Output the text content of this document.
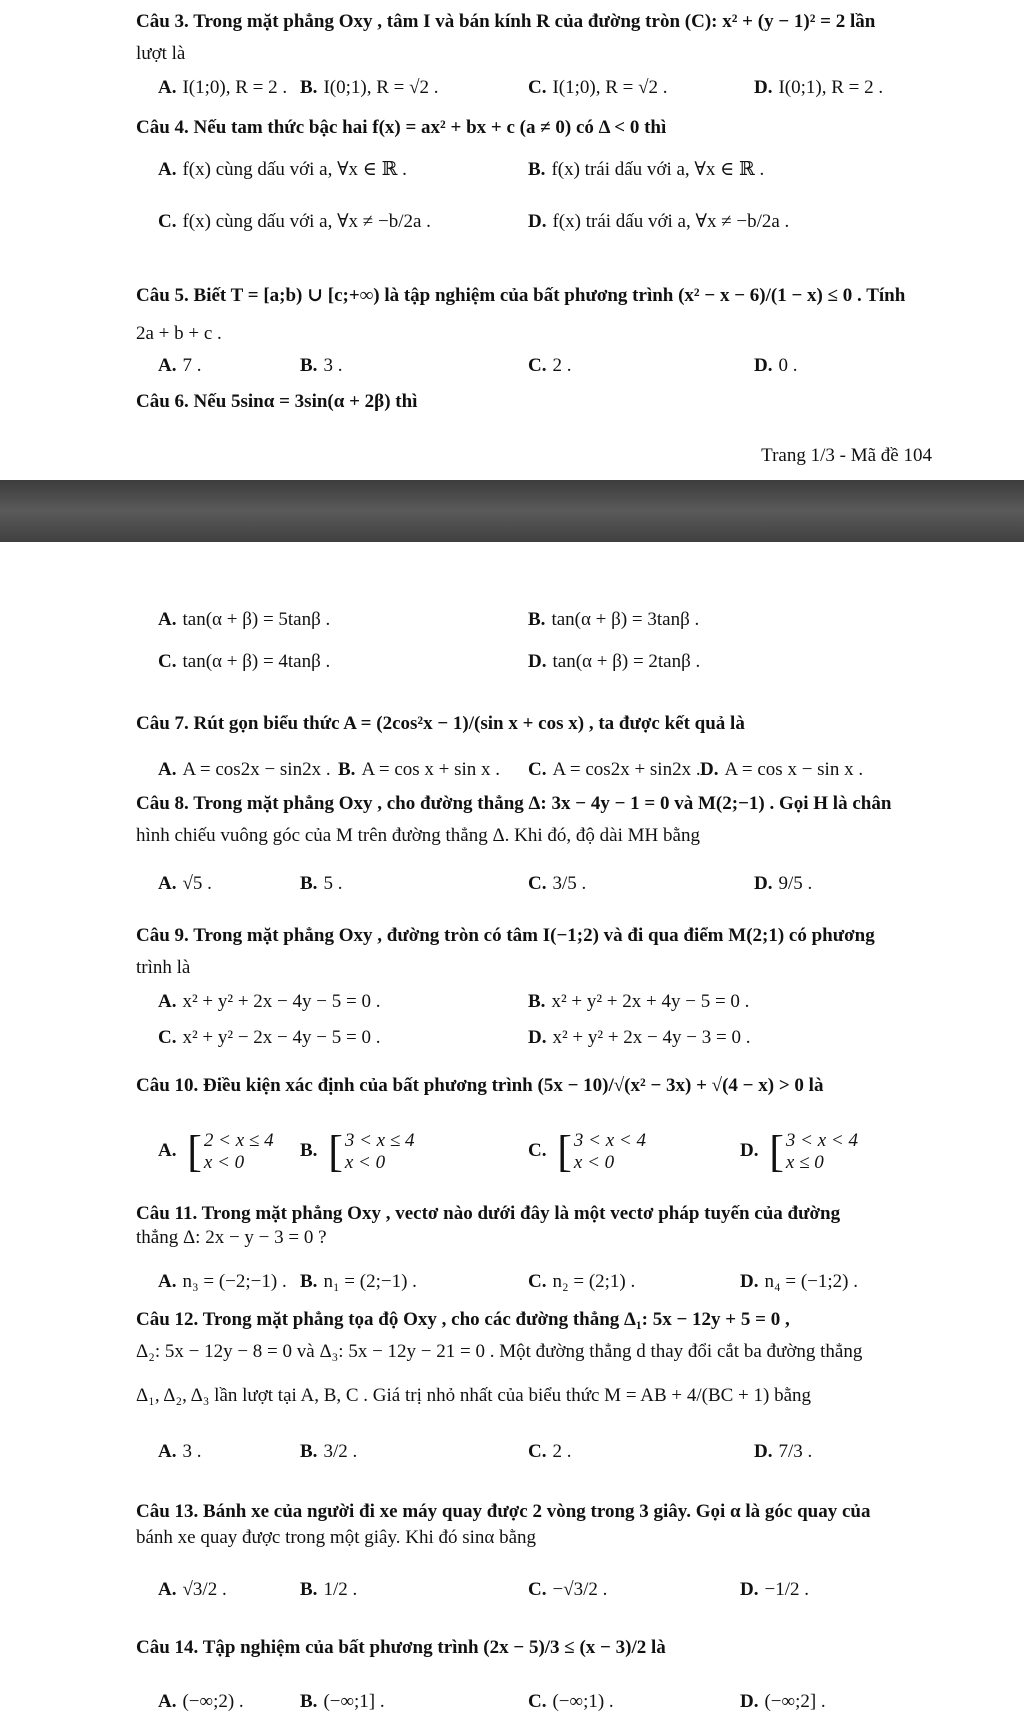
Câu 3. Trong mặt phẳng Oxy , tâm I và bán kính R của đường tròn (C): x² + (y − 1)² = 2 lần
lượt là
A. I(1;0), R = 2 . B. I(0;1), R = √2 .	C. I(1;0), R = √2 .	D. I(0;1), R = 2 .
Câu 4. Nếu tam thức bậc hai f(x) = ax² + bx + c (a ≠ 0) có Δ < 0 thì
A. f(x) cùng dấu với a, ∀x ∈ ℝ .	B. f(x) trái dấu với a, ∀x ∈ ℝ .
C. f(x) cùng dấu với a, ∀x ≠ −b/2a .	D. f(x) trái dấu với a, ∀x ≠ −b/2a .
Câu 5. Biết T = [a;b) ∪ [c;+∞) là tập nghiệm của bất phương trình (x² − x − 6)/(1 − x) ≤ 0 . Tính
2a + b + c .
A. 7 .	B. 3 .	C. 2 .	D. 0 .
Câu 6. Nếu 5sinα = 3sin(α + 2β) thì
Trang 1/3 - Mã đề 104
A. tan(α + β) = 5tanβ .	B. tan(α + β) = 3tanβ .
C. tan(α + β) = 4tanβ .	D. tan(α + β) = 2tanβ .
Câu 7. Rút gọn biểu thức A = (2cos²x − 1)/(sin x + cos x) , ta được kết quả là
A. A = cos2x − sin2x . B. A = cos x + sin x . C. A = cos2x + sin2x . D. A = cos x − sin x .
Câu 8. Trong mặt phẳng Oxy , cho đường thẳng Δ: 3x − 4y − 1 = 0 và M(2;−1) . Gọi H là chân
hình chiếu vuông góc của M trên đường thẳng Δ. Khi đó, độ dài MH bằng
A. √5 .	B. 5 .	C. 3/5 .	D. 9/5 .
Câu 9. Trong mặt phẳng Oxy , đường tròn có tâm I(−1;2) và đi qua điểm M(2;1) có phương
trình là
A. x² + y² + 2x − 4y − 5 = 0 .	B. x² + y² + 2x + 4y − 5 = 0 .
C. x² + y² − 2x − 4y − 5 = 0 .	D. x² + y² + 2x − 4y − 3 = 0 .
Câu 10. Điều kiện xác định của bất phương trình (5x − 10)/√(x² − 3x) + √(4 − x) > 0 là
A. [ 2 < x ≤ 4
x < 0
B. [ 3 < x ≤ 4
x < 0
C. [ 3 < x < 4
x < 0
D. [ 3 < x < 4
x ≤ 0
Câu 11. Trong mặt phẳng Oxy , vectơ nào dưới đây là một vectơ pháp tuyến của đường
thẳng Δ: 2x − y − 3 = 0 ?
A. n₃ = (−2;−1) . B. n₁ = (2;−1) .	C. n₂ = (2;1) .	D. n₄ = (−1;2) .
Câu 12. Trong mặt phẳng tọa độ Oxy , cho các đường thẳng Δ₁: 5x − 12y + 5 = 0 ,
Δ₂: 5x − 12y − 8 = 0 và Δ₃: 5x − 12y − 21 = 0 . Một đường thẳng d thay đổi cắt ba đường thẳng
Δ₁, Δ₂, Δ₃ lần lượt tại A, B, C . Giá trị nhỏ nhất của biểu thức M = AB + 4/(BC + 1) bằng
A. 3 .	B. 3/2 .	C. 2 .	D. 7/3 .
Câu 13. Bánh xe của người đi xe máy quay được 2 vòng trong 3 giây. Gọi α là góc quay của
bánh xe quay được trong một giây. Khi đó sinα bằng
A. √3/2 .	B. 1/2 .	C. −√3/2 .	D. −1/2 .
Câu 14. Tập nghiệm của bất phương trình (2x − 5)/3 ≤ (x − 3)/2 là
A. (−∞;2) .	B. (−∞;1] .	C. (−∞;1) .	D. (−∞;2] .
